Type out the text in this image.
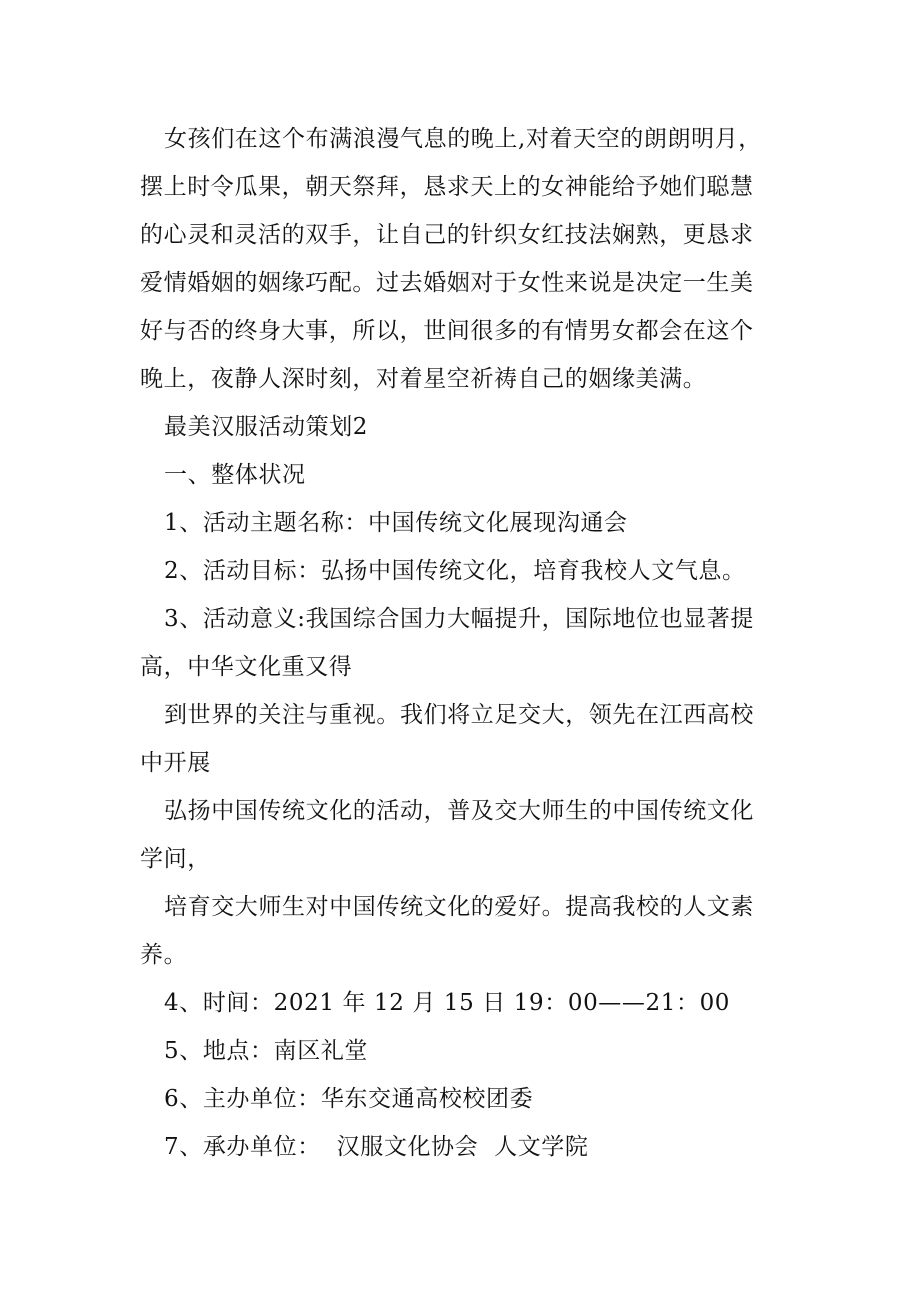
女孩们在这个布满浪漫气息的晚上,对着天空的朗朗明月，
摆上时令瓜果，朝天祭拜，恳求天上的女神能给予她们聪慧
的心灵和灵活的双手，让自己的针织女红技法娴熟，更恳求
爱情婚姻的姻缘巧配。过去婚姻对于女性来说是决定一生美
好与否的终身大事，所以，世间很多的有情男女都会在这个
晚上，夜静人深时刻，对着星空祈祷自己的姻缘美满。
最美汉服活动策划2
一、整体状况
1、活动主题名称：中国传统文化展现沟通会
2、活动目标：弘扬中国传统文化，培育我校人文气息。
3、活动意义:我国综合国力大幅提升，国际地位也显著提
高，中华文化重又得
到世界的关注与重视。我们将立足交大，领先在江西高校
中开展
弘扬中国传统文化的活动，普及交大师生的中国传统文化
学问，
培育交大师生对中国传统文化的爱好。提高我校的人文素
养。
4、时间：2021 年 12 月 15 日 19：00——21：00
5、地点：南区礼堂
6、主办单位：华东交通高校校团委
7、承办单位：  汉服文化协会  人文学院
